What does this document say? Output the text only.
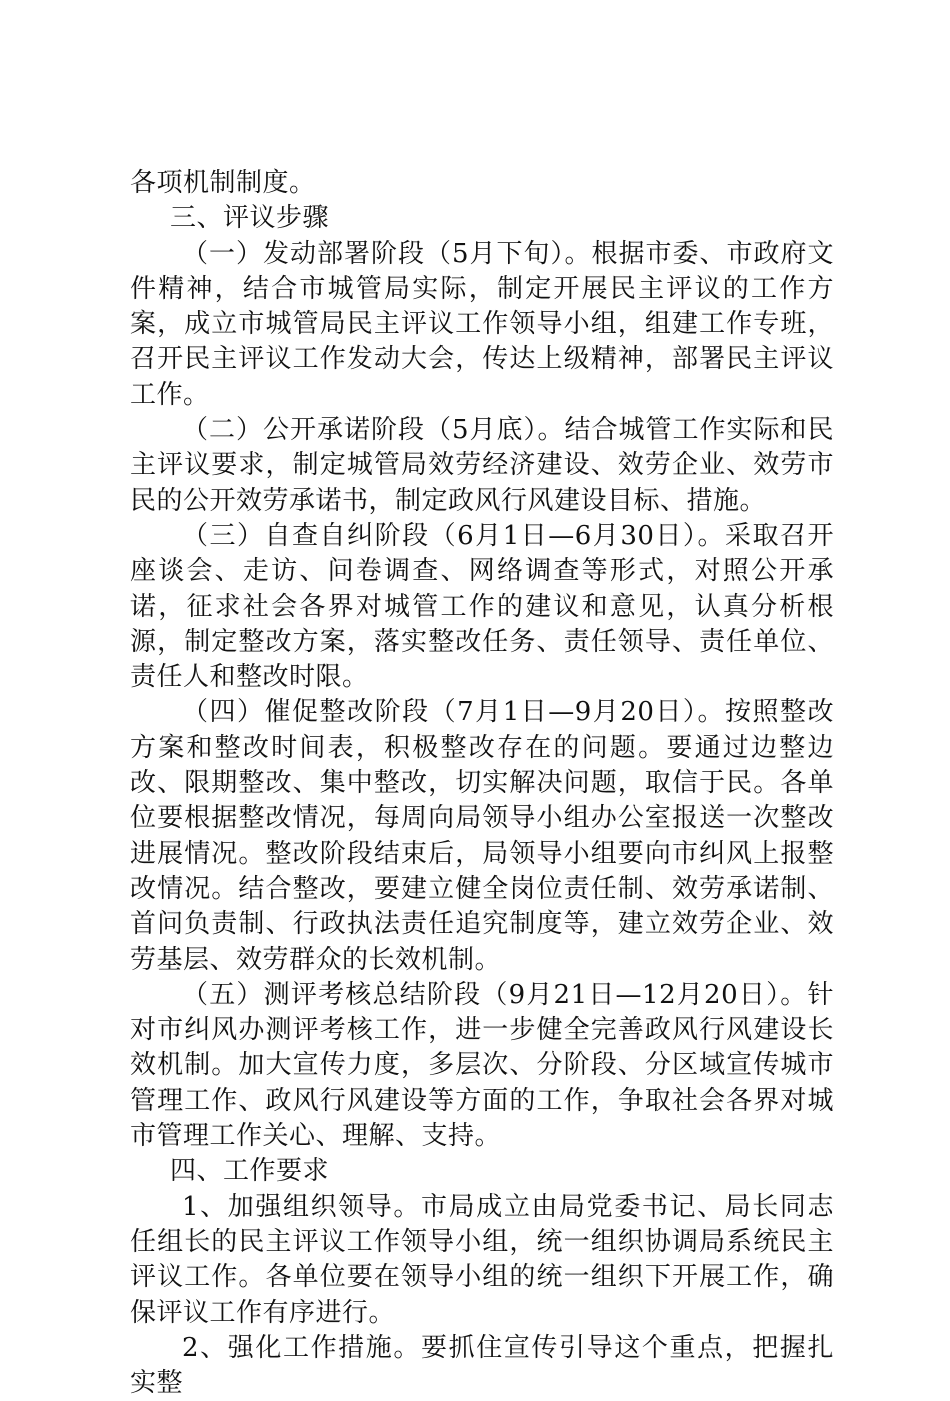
各项机制制度。

三、评议步骤

（一）发动部署阶段（5月下旬）。根据市委、市政府文件精神，结合市城管局实际，制定开展民主评议的工作方案，成立市城管局民主评议工作领导小组，组建工作专班，召开民主评议工作发动大会，传达上级精神，部署民主评议工作。

（二）公开承诺阶段（5月底）。结合城管工作实际和民主评议要求，制定城管局效劳经济建设、效劳企业、效劳市民的公开效劳承诺书，制定政风行风建设目标、措施。

（三）自查自纠阶段（6月1日—6月30日）。采取召开座谈会、走访、问卷调查、网络调查等形式，对照公开承诺，征求社会各界对城管工作的建议和意见，认真分析根源，制定整改方案，落实整改任务、责任领导、责任单位、责任人和整改时限。

（四）催促整改阶段（7月1日—9月20日）。按照整改方案和整改时间表，积极整改存在的问题。要通过边整边改、限期整改、集中整改，切实解决问题，取信于民。各单位要根据整改情况，每周向局领导小组办公室报送一次整改进展情况。整改阶段结束后，局领导小组要向市纠风上报整改情况。结合整改，要建立健全岗位责任制、效劳承诺制、首问负责制、行政执法责任追究制度等，建立效劳企业、效劳基层、效劳群众的长效机制。

（五）测评考核总结阶段（9月21日—12月20日）。针对市纠风办测评考核工作，进一步健全完善政风行风建设长效机制。加大宣传力度，多层次、分阶段、分区域宣传城市管理工作、政风行风建设等方面的工作，争取社会各界对城市管理工作关心、理解、支持。

四、工作要求

1、加强组织领导。市局成立由局党委书记、局长同志任组长的民主评议工作领导小组，统一组织协调局系统民主评议工作。各单位要在领导小组的统一组织下开展工作，确保评议工作有序进行。

2、强化工作措施。要抓住宣传引导这个重点，把握扎实整
